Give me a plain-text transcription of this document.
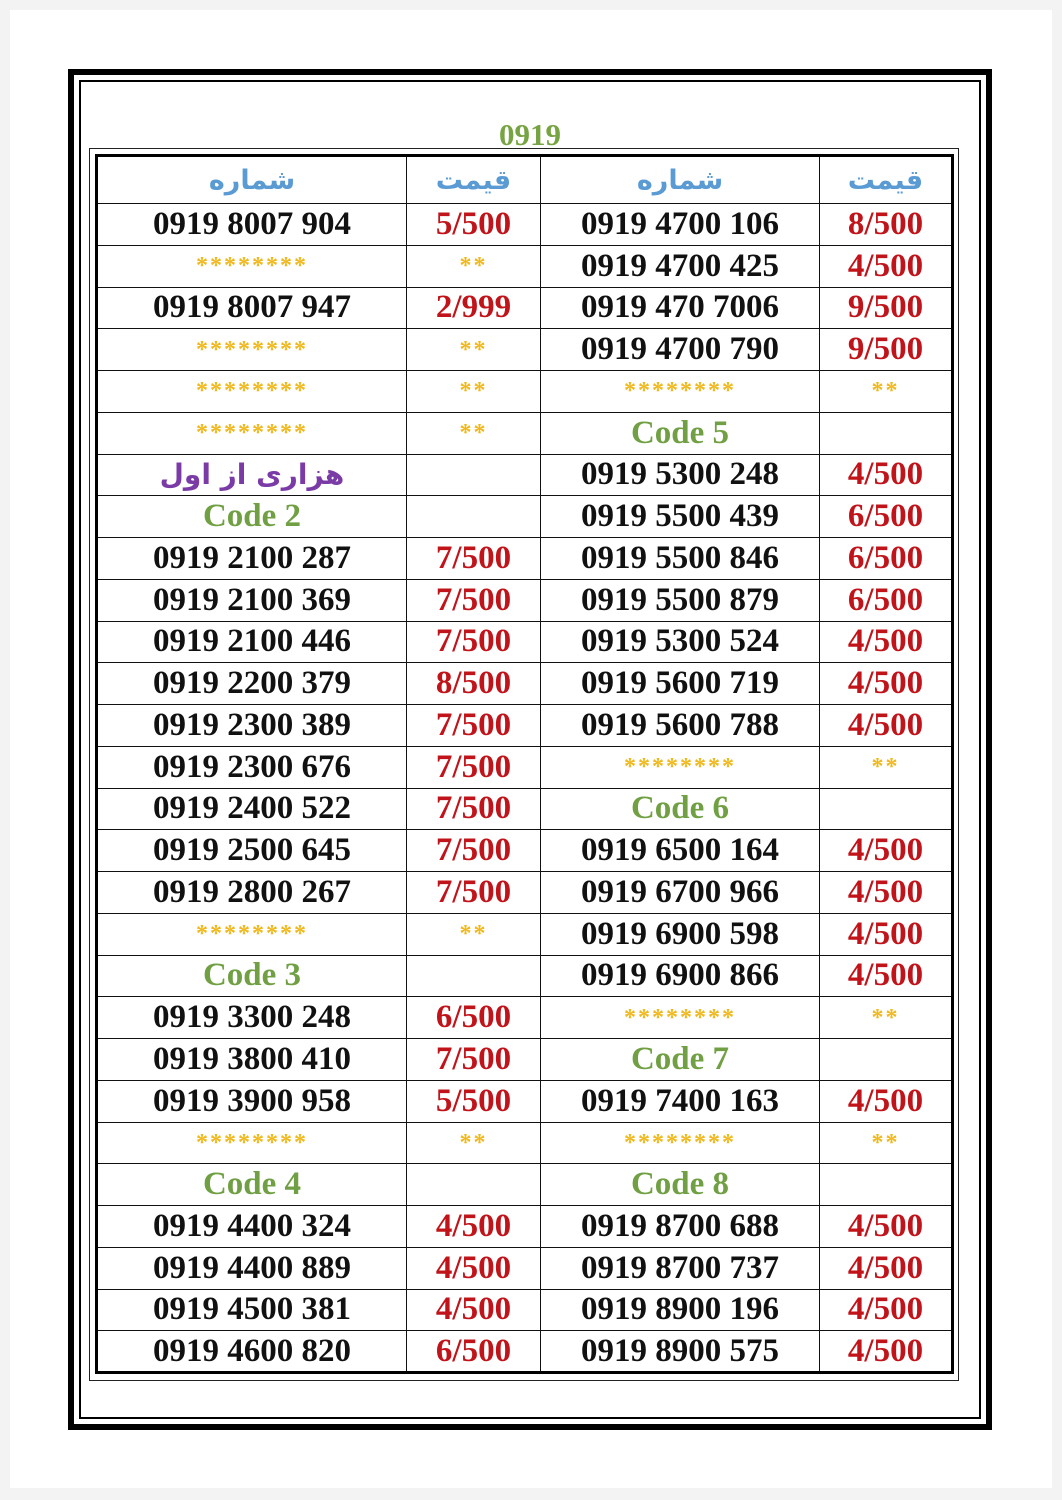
0919
شماره	قیمت	شماره	قیمت
0919 8007 904	5/500	0919 4700 106	8/500
********	**	0919 4700 425	4/500
0919 8007 947	2/999	0919 470 7006	9/500
********	**	0919 4700 790	9/500
********	**	********	**
********	**	Code 5	
هزاری از اول		0919 5300 248	4/500
Code 2		0919 5500 439	6/500
0919 2100 287	7/500	0919 5500 846	6/500
0919 2100 369	7/500	0919 5500 879	6/500
0919 2100 446	7/500	0919 5300 524	4/500
0919 2200 379	8/500	0919 5600 719	4/500
0919 2300 389	7/500	0919 5600 788	4/500
0919 2300 676	7/500	********	**
0919 2400 522	7/500	Code 6	
0919 2500 645	7/500	0919 6500 164	4/500
0919 2800 267	7/500	0919 6700 966	4/500
********	**	0919 6900 598	4/500
Code 3		0919 6900 866	4/500
0919 3300 248	6/500	********	**
0919 3800 410	7/500	Code 7	
0919 3900 958	5/500	0919 7400 163	4/500
********	**	********	**
Code 4		Code 8	
0919 4400 324	4/500	0919 8700 688	4/500
0919 4400 889	4/500	0919 8700 737	4/500
0919 4500 381	4/500	0919 8900 196	4/500
0919 4600 820	6/500	0919 8900 575	4/500
